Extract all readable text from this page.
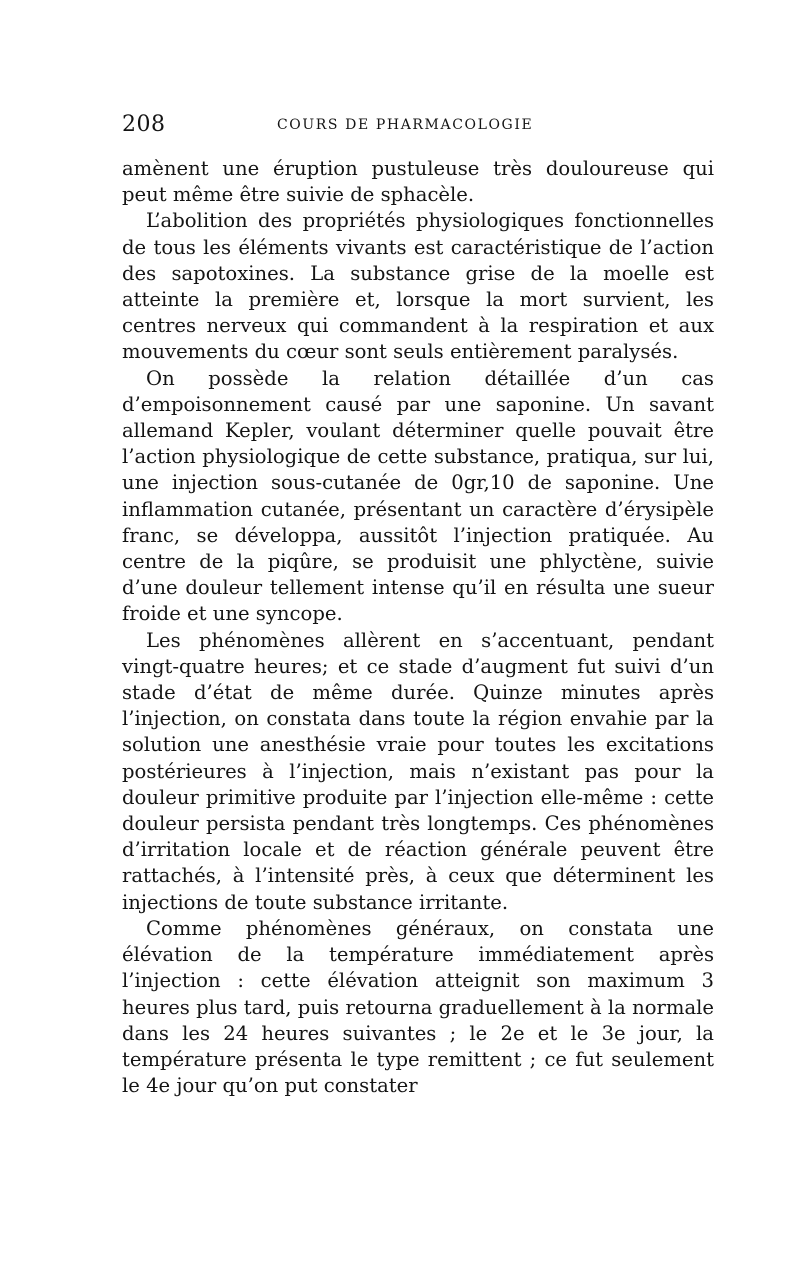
208	COURS DE PHARMACOLOGIE

amènent une éruption pustuleuse très douloureuse qui peut même être suivie de sphacèle.

L’abolition des propriétés physiologiques fonctionnelles de tous les éléments vivants est caractéristique de l’action des sapotoxines. La substance grise de la moelle est atteinte la première et, lorsque la mort survient, les centres nerveux qui commandent à la respiration et aux mouvements du cœur sont seuls entièrement paralysés.

On possède la relation détaillée d’un cas d’empoisonnement causé par une saponine. Un savant allemand Kepler, voulant déterminer quelle pouvait être l’action physiologique de cette substance, pratiqua, sur lui, une injection sous-cutanée de 0gr,10 de saponine. Une inflammation cutanée, présentant un caractère d’érysipèle franc, se développa, aussitôt l’injection pratiquée. Au centre de la piqûre, se produisit une phlyctène, suivie d’une douleur tellement intense qu’il en résulta une sueur froide et une syncope.

Les phénomènes allèrent en s’accentuant, pendant vingt-quatre heures; et ce stade d’augment fut suivi d’un stade d’état de même durée. Quinze minutes après l’injection, on constata dans toute la région envahie par la solution une anesthésie vraie pour toutes les excitations postérieures à l’injection, mais n’existant pas pour la douleur primitive produite par l’injection elle-même : cette douleur persista pendant très longtemps. Ces phénomènes d’irritation locale et de réaction générale peuvent être rattachés, à l’intensité près, à ceux que déterminent les injections de toute substance irritante.

Comme phénomènes généraux, on constata une élévation de la température immédiatement après l’injection : cette élévation atteignit son maximum 3 heures plus tard, puis retourna graduellement à la normale dans les 24 heures suivantes ; le 2e et le 3e jour, la température présenta le type remittent ; ce fut seulement le 4e jour qu’on put constater
